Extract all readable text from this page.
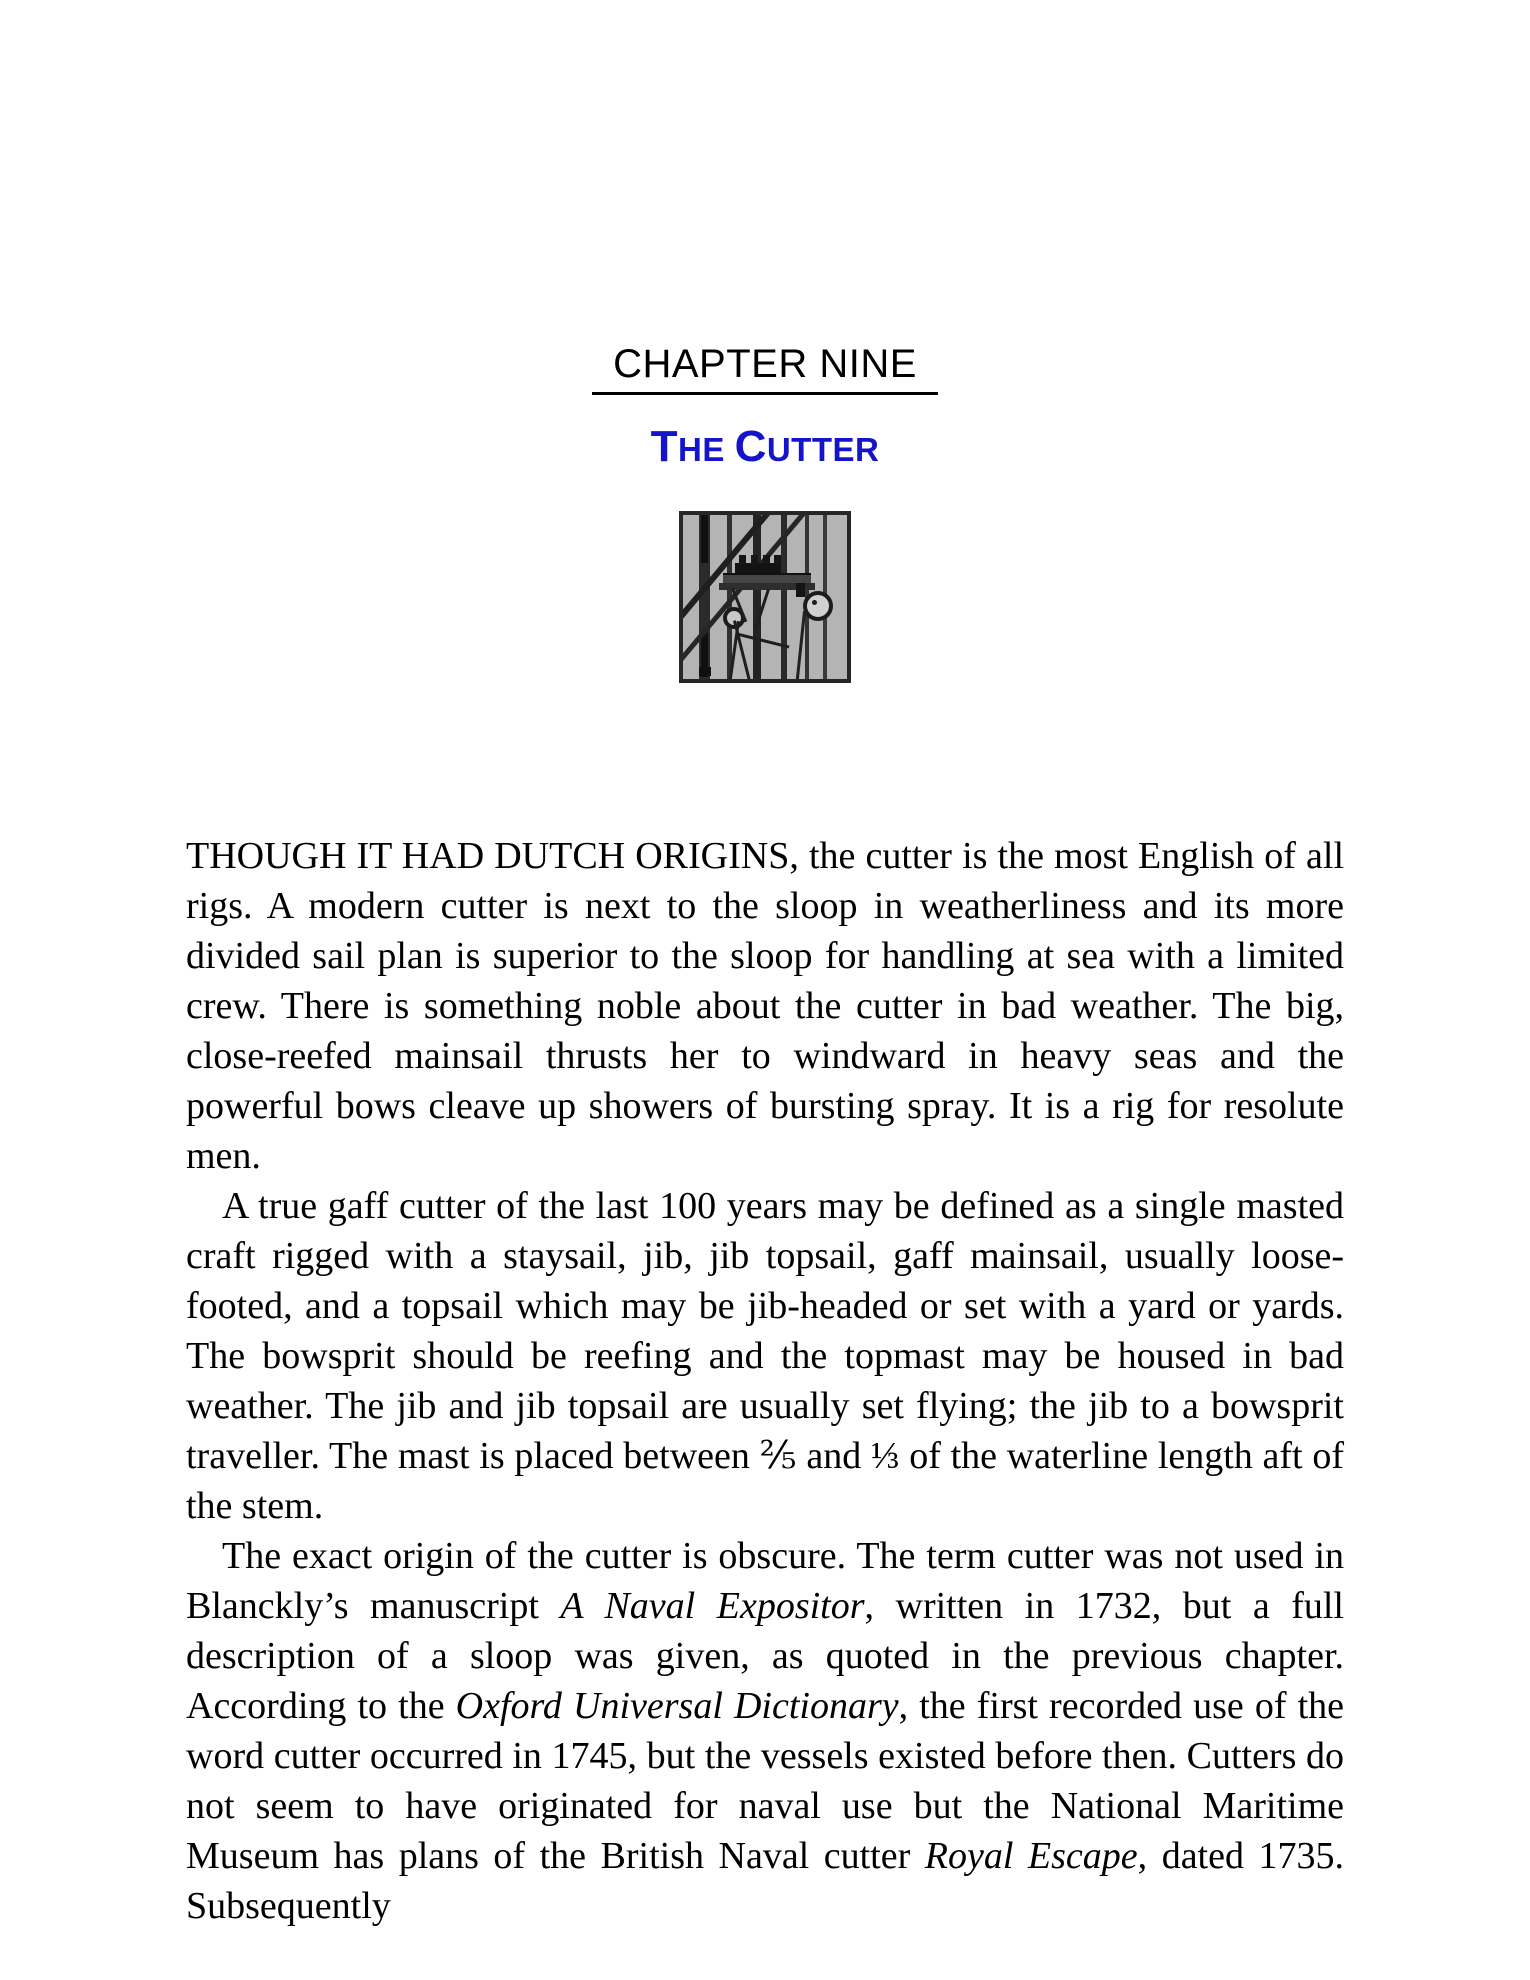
CHAPTER NINE
THE CUTTER

THOUGH IT HAD DUTCH ORIGINS, the cutter is the most English of all rigs. A modern cutter is next to the sloop in weatherliness and its more divided sail plan is superior to the sloop for handling at sea with a limited crew. There is something noble about the cutter in bad weather. The big, close-reefed mainsail thrusts her to windward in heavy seas and the powerful bows cleave up showers of bursting spray. It is a rig for resolute men.

A true gaff cutter of the last 100 years may be defined as a single masted craft rigged with a staysail, jib, jib topsail, gaff mainsail, usually loose-footed, and a topsail which may be jib-headed or set with a yard or yards. The bowsprit should be reefing and the topmast may be housed in bad weather. The jib and jib topsail are usually set flying; the jib to a bowsprit traveller. The mast is placed between ⅖ and ⅓ of the waterline length aft of the stem.

The exact origin of the cutter is obscure. The term cutter was not used in Blanckly’s manuscript A Naval Expositor, written in 1732, but a full description of a sloop was given, as quoted in the previous chapter. According to the Oxford Universal Dictionary, the first recorded use of the word cutter occurred in 1745, but the vessels existed before then. Cutters do not seem to have originated for naval use but the National Maritime Museum has plans of the British Naval cutter Royal Escape, dated 1735. Subsequently
